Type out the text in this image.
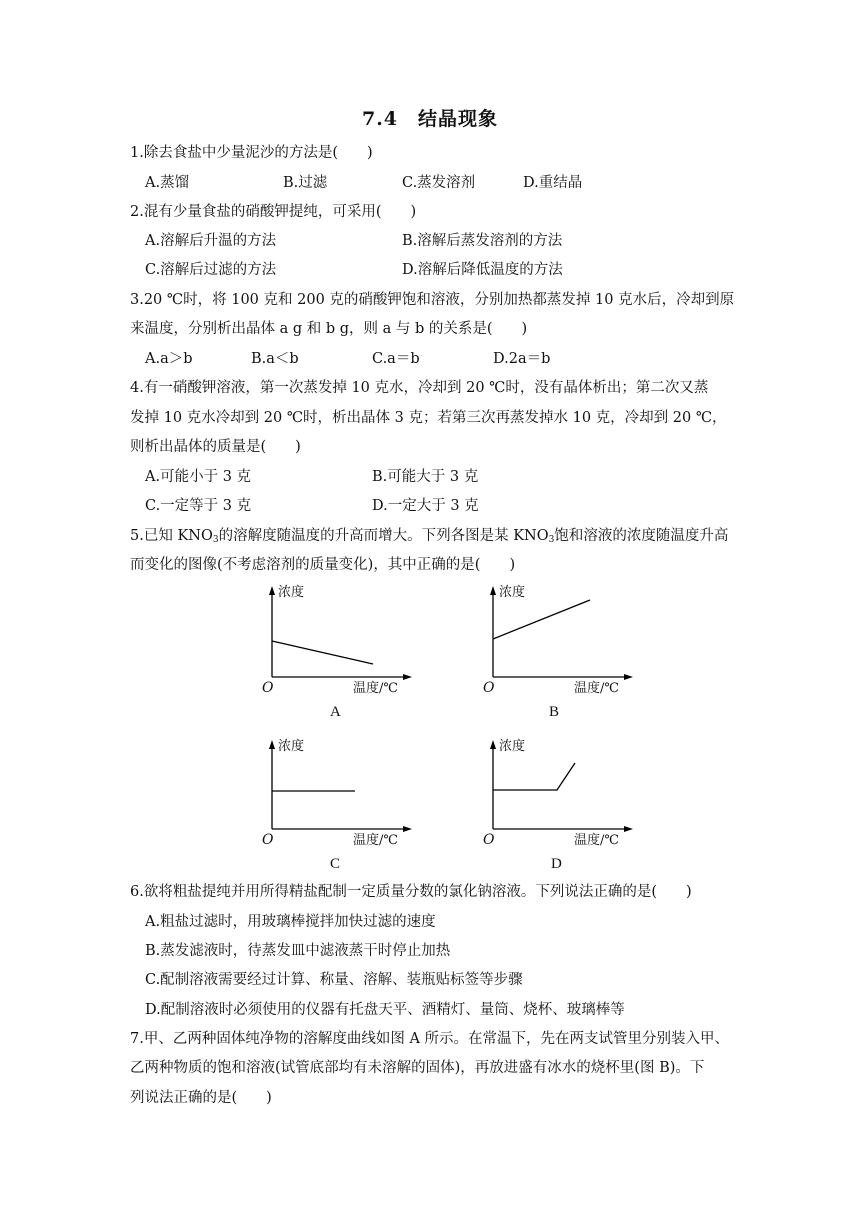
7.4　结晶现象
1.除去食盐中少量泥沙的方法是(　　)
A.蒸馏	B.过滤	C.蒸发溶剂	D.重结晶
2.混有少量食盐的硝酸钾提纯，可采用(　　)
A.溶解后升温的方法	B.溶解后蒸发溶剂的方法
C.溶解后过滤的方法	D.溶解后降低温度的方法
3.20 ℃时，将 100 克和 200 克的硝酸钾饱和溶液，分别加热都蒸发掉 10 克水后，冷却到原
来温度，分别析出晶体 a g 和 b g，则 a 与 b 的关系是(　　)
A.a＞b	B.a＜b	C.a＝b	D.2a＝b
4.有一硝酸钾溶液，第一次蒸发掉 10 克水，冷却到 20 ℃时，没有晶体析出；第二次又蒸
发掉 10 克水冷却到 20 ℃时，析出晶体 3 克；若第三次再蒸发掉水 10 克，冷却到 20 ℃，
则析出晶体的质量是(　　)
A.可能小于 3 克	B.可能大于 3 克
C.一定等于 3 克	D.一定大于 3 克
5.已知 $KNO_3$的溶解度随温度的升高而增大。下列各图是某 $KNO_3$饱和溶液的浓度随温度升高
而变化的图像(不考虑溶剂的质量变化)，其中正确的是(　　)
浓度
温度/℃
O
A
浓度
温度/℃
O
B
浓度
温度/℃
O
C
浓度
温度/℃
O
D
6.欲将粗盐提纯并用所得精盐配制一定质量分数的氯化钠溶液。下列说法正确的是(　　)
A.粗盐过滤时，用玻璃棒搅拌加快过滤的速度
B.蒸发滤液时，待蒸发皿中滤液蒸干时停止加热
C.配制溶液需要经过计算、称量、溶解、装瓶贴标签等步骤
D.配制溶液时必须使用的仪器有托盘天平、酒精灯、量筒、烧杯、玻璃棒等
7.甲、乙两种固体纯净物的溶解度曲线如图 A 所示。在常温下，先在两支试管里分别装入甲、
乙两种物质的饱和溶液(试管底部均有未溶解的固体)，再放进盛有冰水的烧杯里(图 B)。下
列说法正确的是(　　)
